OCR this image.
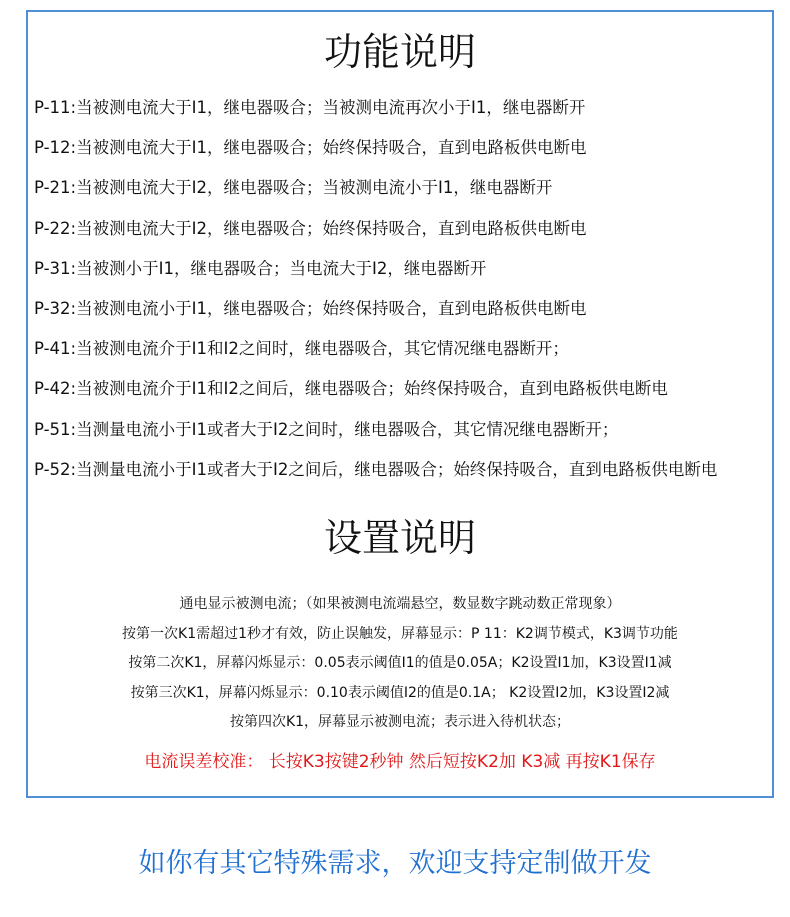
功能说明
P-11:当被测电流大于I1，继电器吸合；当被测电流再次小于I1，继电器断开
P-12:当被测电流大于I1，继电器吸合；始终保持吸合，直到电路板供电断电
P-21:当被测电流大于I2，继电器吸合；当被测电流小于I1，继电器断开
P-22:当被测电流大于I2，继电器吸合；始终保持吸合，直到电路板供电断电
P-31:当被测小于I1，继电器吸合；当电流大于I2，继电器断开
P-32:当被测电流小于I1，继电器吸合；始终保持吸合，直到电路板供电断电
P-41:当被测电流介于I1和I2之间时，继电器吸合，其它情况继电器断开；
P-42:当被测电流介于I1和I2之间后，继电器吸合；始终保持吸合，直到电路板供电断电
P-51:当测量电流小于I1或者大于I2之间时，继电器吸合，其它情况继电器断开；
P-52:当测量电流小于I1或者大于I2之间后，继电器吸合；始终保持吸合，直到电路板供电断电
设置说明
通电显示被测电流；（如果被测电流端悬空，数显数字跳动数正常现象）
按第一次K1需超过1秒才有效，防止误触发，屏幕显示：P 11：K2调节模式，K3调节功能
按第二次K1，屏幕闪烁显示：0.05表示阈值I1的值是0.05A；K2设置I1加，K3设置I1减
按第三次K1，屏幕闪烁显示：0.10表示阈值I2的值是0.1A； K2设置I2加，K3设置I2减
按第四次K1，屏幕显示被测电流；表示进入待机状态；
电流误差校准： 长按K3按键2秒钟 然后短按K2加 K3减 再按K1保存
如你有其它特殊需求，欢迎支持定制做开发
